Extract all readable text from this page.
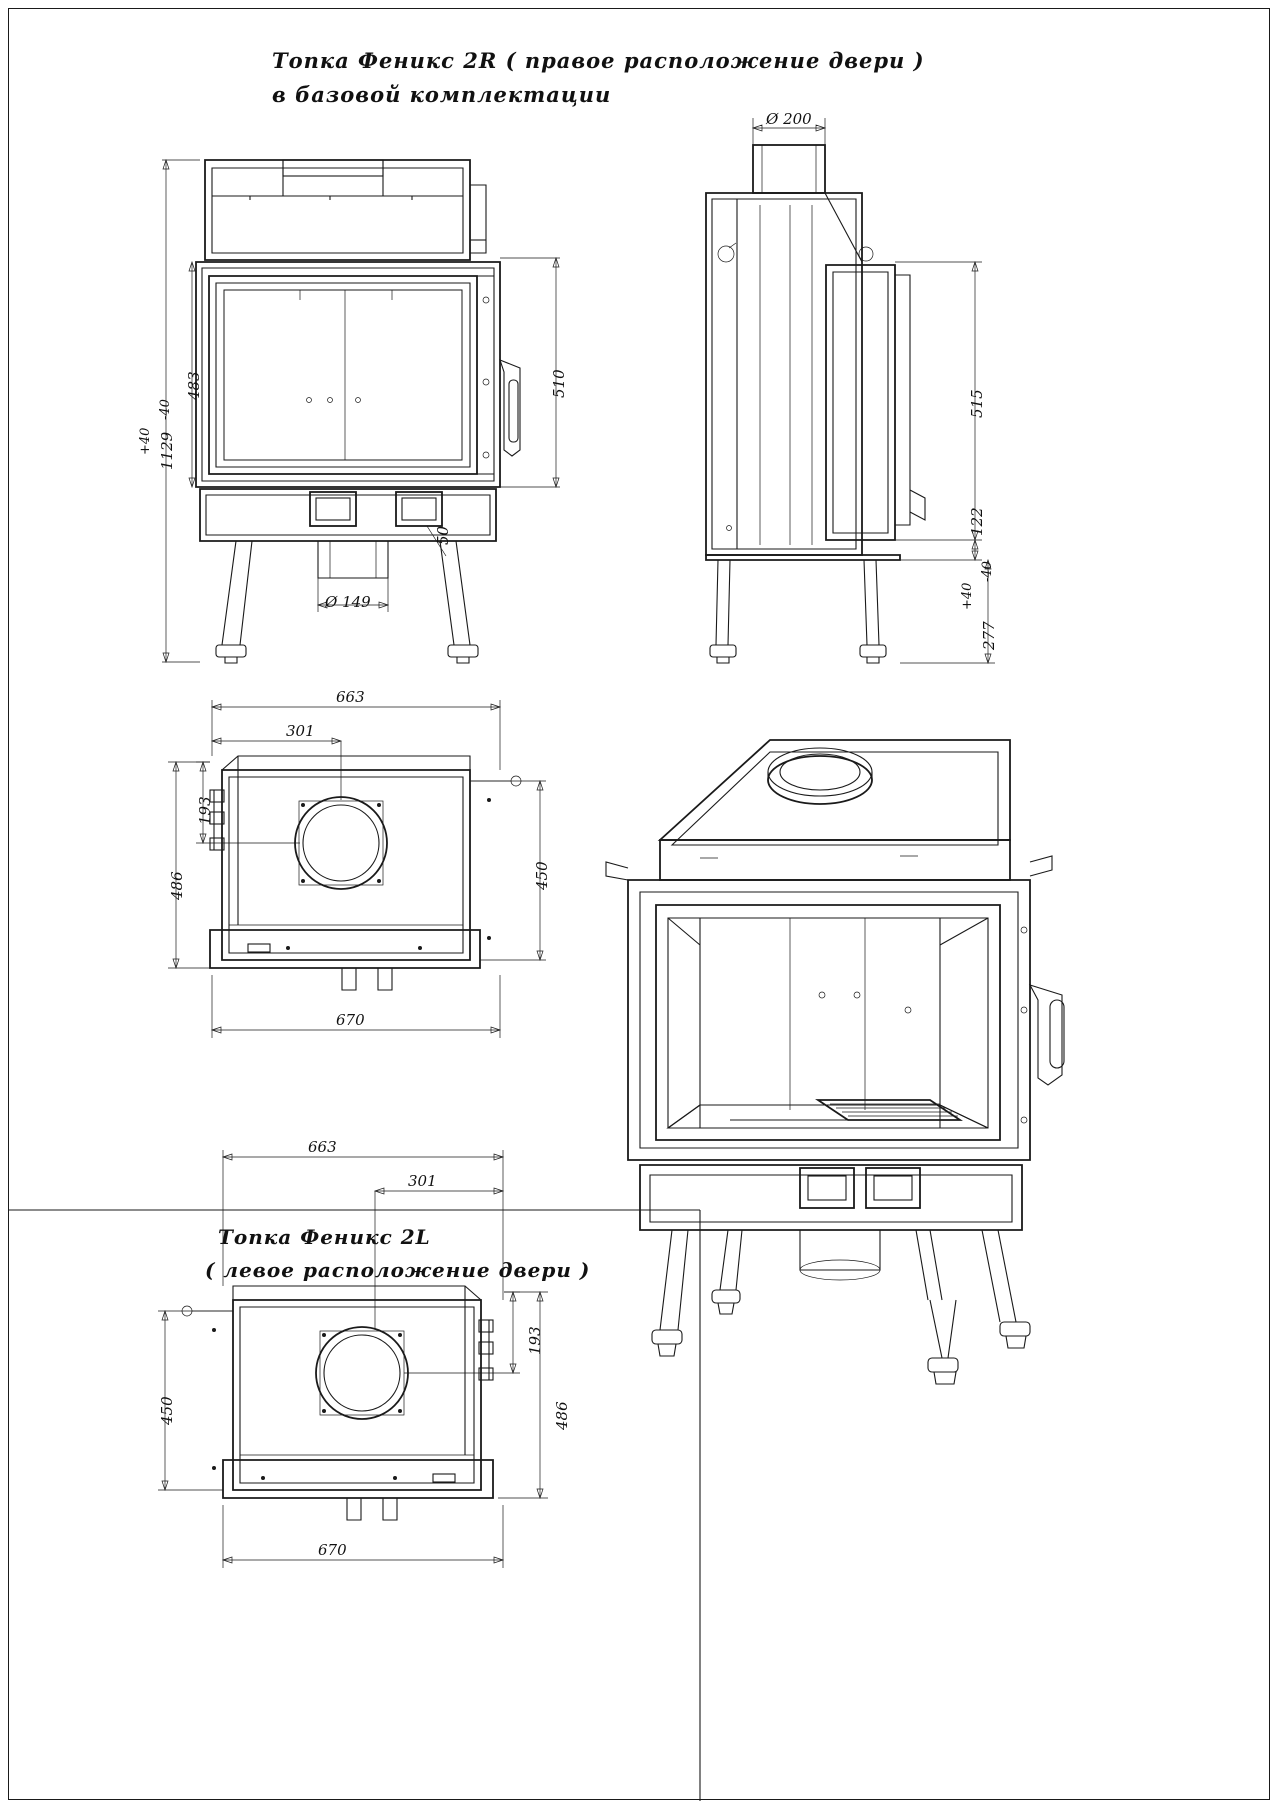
Топка Феникс 2R ( правое расположение двери )
в базовой комплектации
Топка Феникс 2L
( левое расположение двери )
1129
+40
-40
483	510
Ø 149
50
Ø 200
515
122
277
+40
-40
663
301
193
486	450
670
663
301
193
486
450
670
